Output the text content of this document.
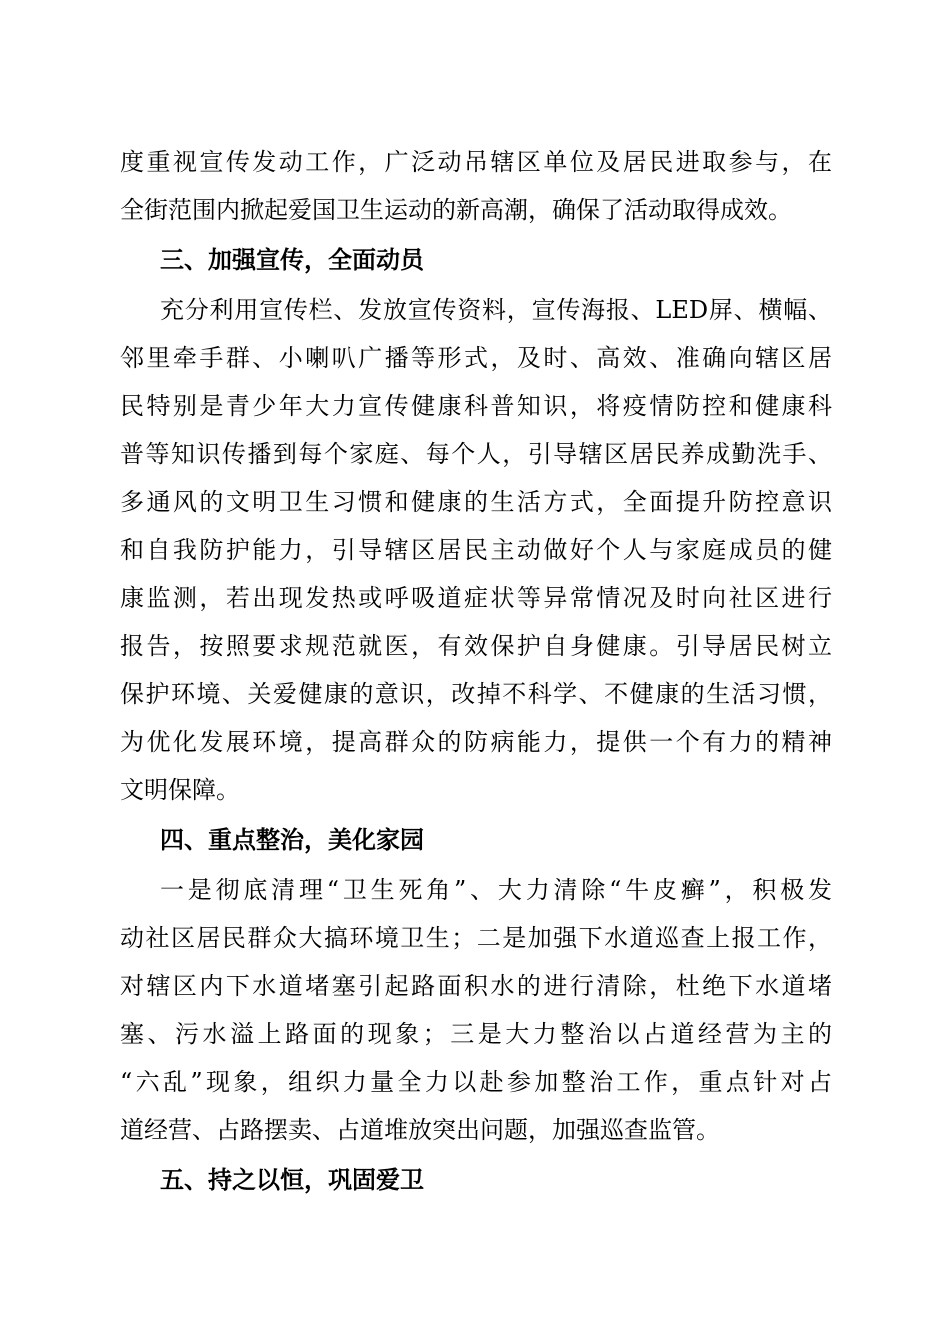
度重视宣传发动工作，广泛动吊辖区单位及居民进取参与，在
全街范围内掀起爱国卫生运动的新高潮，确保了活动取得成效。
三、加强宣传，全面动员
充分利用宣传栏、发放宣传资料，宣传海报、LED屏、横幅、
邻里牵手群、小喇叭广播等形式，及时、高效、准确向辖区居
民特别是青少年大力宣传健康科普知识，将疫情防控和健康科
普等知识传播到每个家庭、每个人，引导辖区居民养成勤洗手、
多通风的文明卫生习惯和健康的生活方式，全面提升防控意识
和自我防护能力，引导辖区居民主动做好个人与家庭成员的健
康监测，若出现发热或呼吸道症状等异常情况及时向社区进行
报告，按照要求规范就医，有效保护自身健康。引导居民树立
保护环境、关爱健康的意识，改掉不科学、不健康的生活习惯，
为优化发展环境，提高群众的防病能力，提供一个有力的精神
文明保障。
四、重点整治，美化家园
一是彻底清理“卫生死角”、大力清除“牛皮癣”，积极发
动社区居民群众大搞环境卫生；二是加强下水道巡查上报工作，
对辖区内下水道堵塞引起路面积水的进行清除，杜绝下水道堵
塞、污水溢上路面的现象；三是大力整治以占道经营为主的
“六乱”现象，组织力量全力以赴参加整治工作，重点针对占
道经营、占路摆卖、占道堆放突出问题，加强巡查监管。
五、持之以恒，巩固爱卫
